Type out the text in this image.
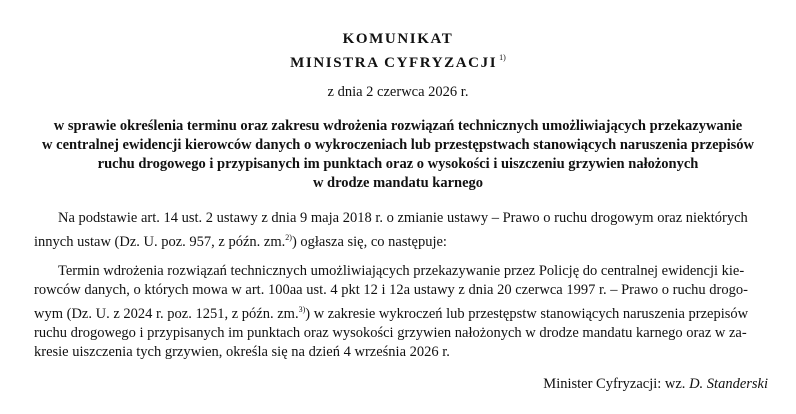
KOMUNIKAT
MINISTRA CYFRYZACJI $^{1)}$
z dnia 2 czerwca 2026 r.
w sprawie określenia terminu oraz zakresu wdrożenia rozwiązań technicznych umożliwiających przekazywanie
w centralnej ewidencji kierowców danych o wykroczeniach lub przestępstwach stanowiących naruszenia przepisów
ruchu drogowego i przypisanych im punktach oraz o wysokości i uiszczeniu grzywien nałożonych
w drodze mandatu karnego
Na podstawie art. 14 ust. 2 ustawy z dnia 9 maja 2018 r. o zmianie ustawy – Prawo o ruchu drogowym oraz niektórych
innych ustaw (Dz. U. poz. 957, z późn. zm.$^{2)}$) ogłasza się, co następuje:
Termin wdrożenia rozwiązań technicznych umożliwiających przekazywanie przez Policję do centralnej ewidencji kie-
rowców danych, o których mowa w art. 100aa ust. 4 pkt 12 i 12a ustawy z dnia 20 czerwca 1997 r. – Prawo o ruchu drogo-
wym (Dz. U. z 2024 r. poz. 1251, z późn. zm.$^{3)}$) w zakresie wykroczeń lub przestępstw stanowiących naruszenia przepisów
ruchu drogowego i przypisanych im punktach oraz wysokości grzywien nałożonych w drodze mandatu karnego oraz w za-
kresie uiszczenia tych grzywien, określa się na dzień 4 września 2026 r.
Minister Cyfryzacji: wz. D. Standerski
